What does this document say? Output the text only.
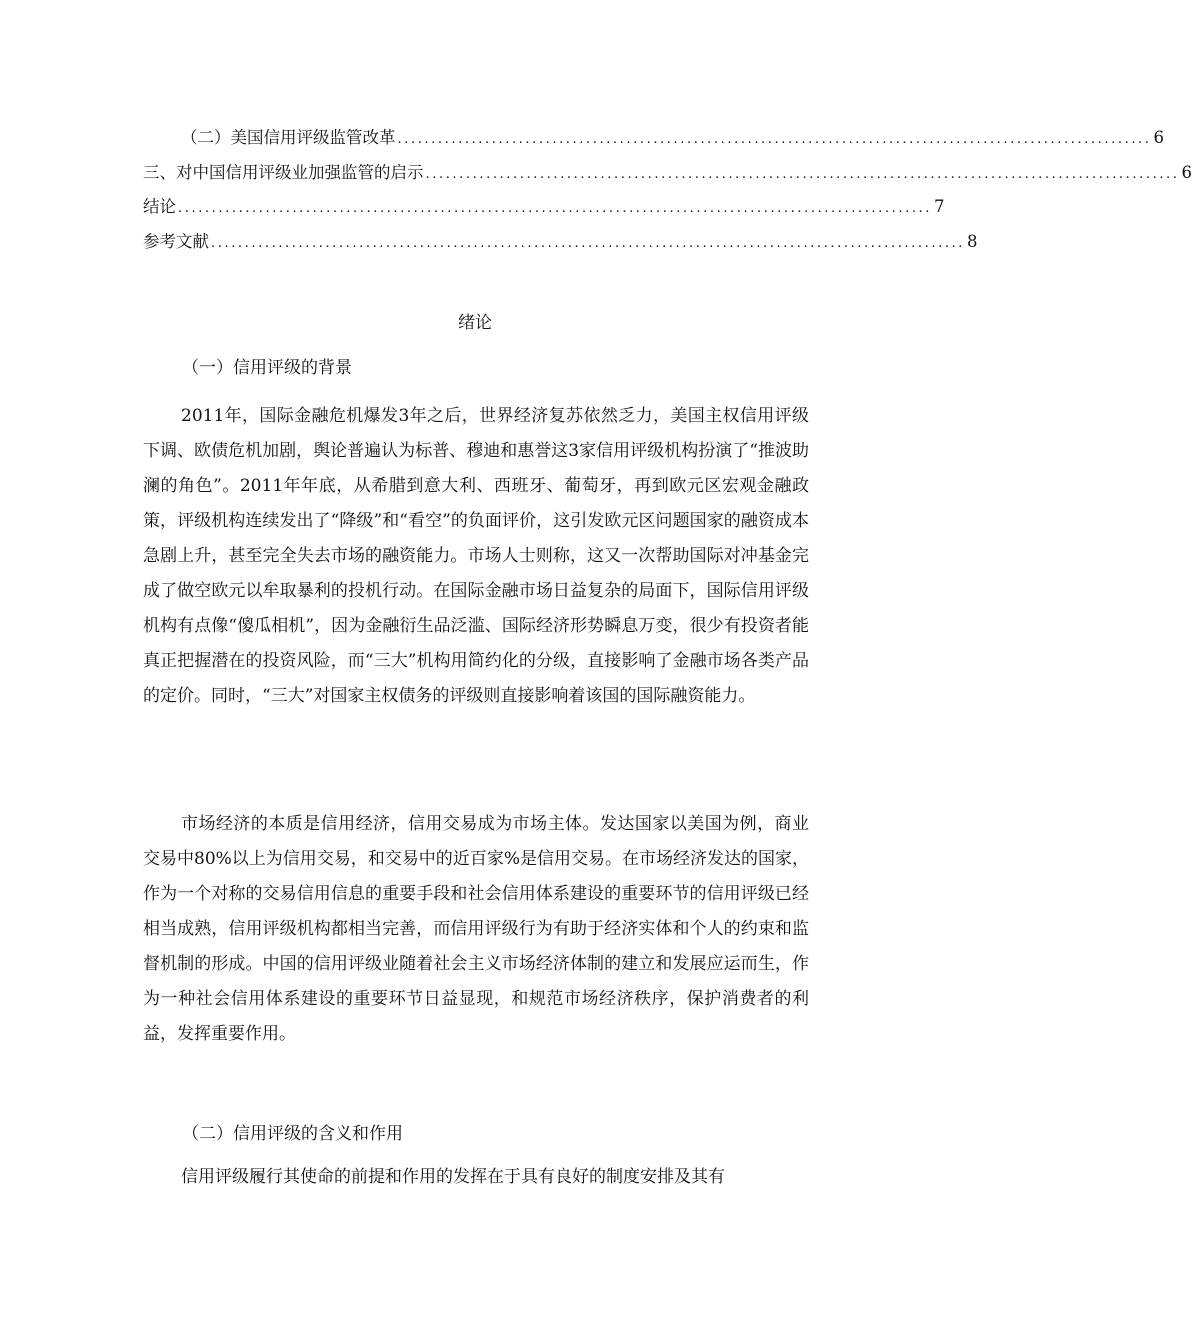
（二）美国信用评级监管改革 ................................................................................................................ 6
三、对中国信用评级业加强监管的启示 ................................................................................................................ 6
结论 ................................................................................................................ 7
参考文献 ................................................................................................................ 8
绪论
（一）信用评级的背景

2011年，国际金融危机爆发3年之后，世界经济复苏依然乏力，美国主权信用评级下调、欧债危机加剧，舆论普遍认为标普、穆迪和惠誉这3家信用评级机构扮演了“推波助澜的角色”。2011年年底，从希腊到意大利、西班牙、葡萄牙，再到欧元区宏观金融政策，评级机构连续发出了“降级”和“看空”的负面评价，这引发欧元区问题国家的融资成本急剧上升，甚至完全失去市场的融资能力。市场人士则称，这又一次帮助国际对冲基金完成了做空欧元以牟取暴利的投机行动。在国际金融市场日益复杂的局面下，国际信用评级机构有点像“傻瓜相机”，因为金融衍生品泛滥、国际经济形势瞬息万变，很少有投资者能真正把握潜在的投资风险，而“三大”机构用简约化的分级，直接影响了金融市场各类产品的定价。同时，“三大”对国家主权债务的评级则直接影响着该国的国际融资能力。

市场经济的本质是信用经济，信用交易成为市场主体。发达国家以美国为例，商业交易中80%以上为信用交易，和交易中的近百家%是信用交易。在市场经济发达的国家，作为一个对称的交易信用信息的重要手段和社会信用体系建设的重要环节的信用评级已经相当成熟，信用评级机构都相当完善，而信用评级行为有助于经济实体和个人的约束和监督机制的形成。中国的信用评级业随着社会主义市场经济体制的建立和发展应运而生，作为一种社会信用体系建设的重要环节日益显现，和规范市场经济秩序，保护消费者的利益，发挥重要作用。

（二）信用评级的含义和作用

信用评级履行其使命的前提和作用的发挥在于具有良好的制度安排及其有
